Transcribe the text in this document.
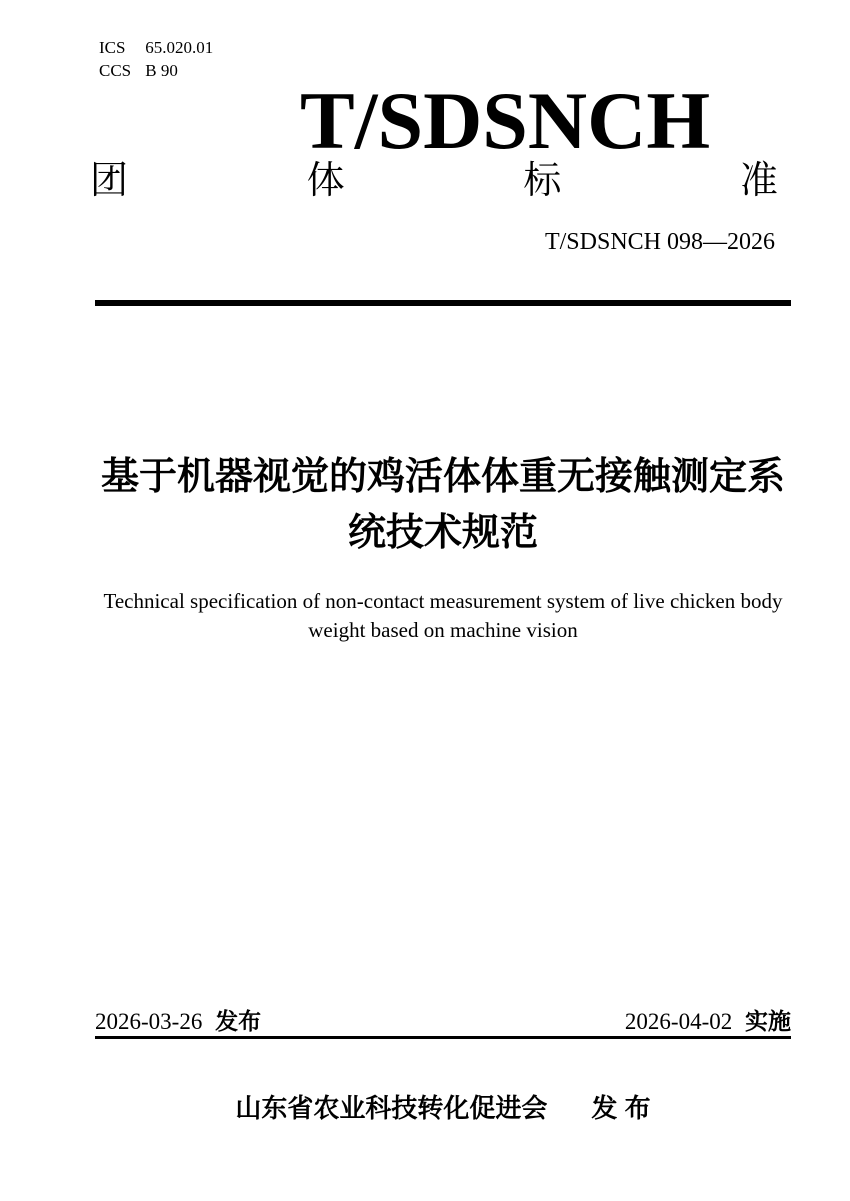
ICS 65.020.01
CCS B 90
T/SDSNCH
团	体	标	准
T/SDSNCH 098—2026
基于机器视觉的鸡活体体重无接触测定系
统技术规范
Technical specification of non-contact measurement system of live chicken body
weight based on machine vision
2026-03-26 发布	2026-04-02 实施
山东省农业科技转化促进会 发 布
